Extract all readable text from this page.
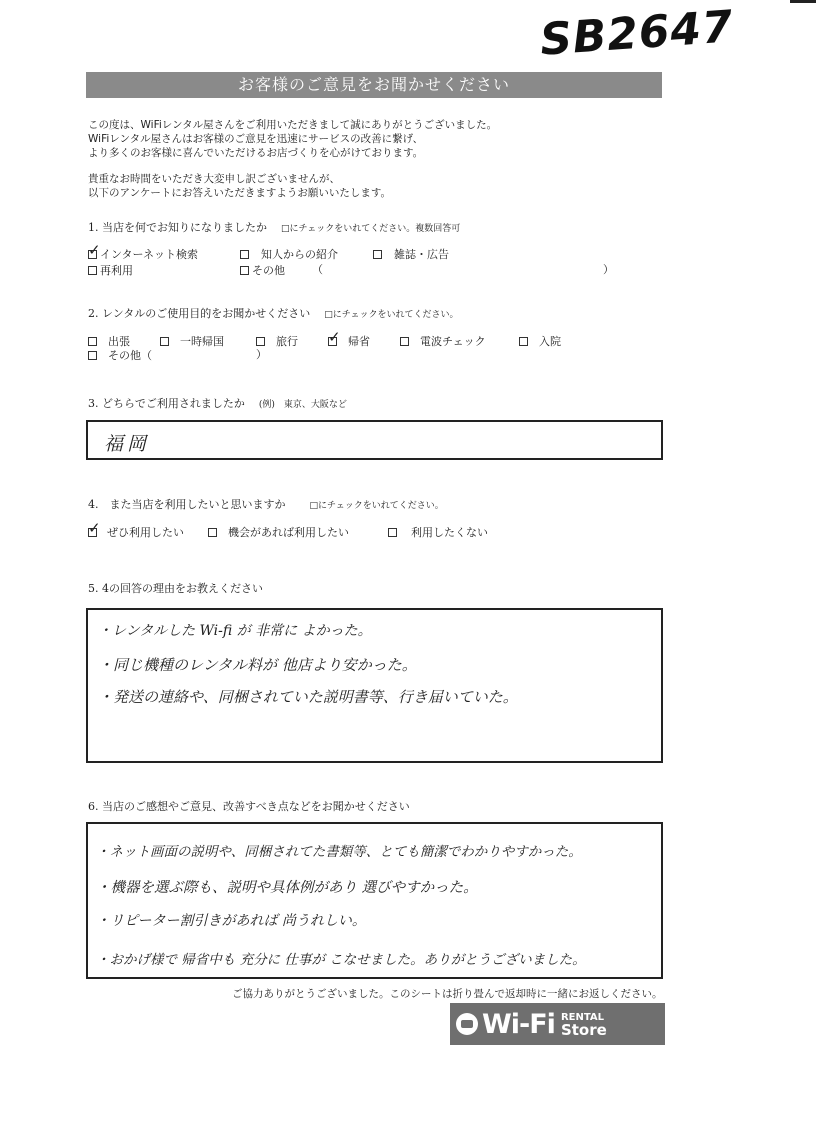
SB2647
お客様のご意見をお聞かせください
この度は、WiFiレンタル屋さんをご利用いただきまして誠にありがとうございました。
WiFiレンタル屋さんはお客様のご意見を迅速にサービスの改善に繋げ、
より多くのお客様に喜んでいただけるお店づくりを心がけております。
貴重なお時間をいただき大変申し訳ございませんが、
以下のアンケートにお答えいただきますようお願いいたします。
1. 当店を何でお知りになりましたか □にチェックをいれてください。複数回答可
✓ インターネット検索	知人からの紹介	雑誌・広告
再利用	その他 （	）
2. レンタルのご使用目的をお聞かせください □にチェックをいれてください。
出張	一時帰国	旅行 ✓ 帰省	電波チェック	入院
その他（	）
3. どちらでご利用されましたか (例)　東京、大阪など
福岡
4.　また当店を利用したいと思いますか	□にチェックをいれてください。
✓ ぜひ利用したい	機会があれば利用したい	利用したくない
5. 4の回答の理由をお教えください
・レンタルした Wi-fi が 非常に よかった。
・同じ機種のレンタル料が 他店より安かった。
・発送の連絡や、同梱されていた説明書等、行き届いていた。
6. 当店のご感想やご意見、改善すべき点などをお聞かせください
・ネット画面の説明や、同梱されてた書類等、とても簡潔でわかりやすかった。
・機器を選ぶ際も、説明や具体例があり 選びやすかった。
・リピーター割引きがあれば 尚うれしい。
・おかげ様で 帰省中も 充分に 仕事が こなせました。ありがとうございました。
ご協力ありがとうございました。このシートは折り畳んで返却時に一緒にお返しください。
Wi-Fi RENTAL
Store
